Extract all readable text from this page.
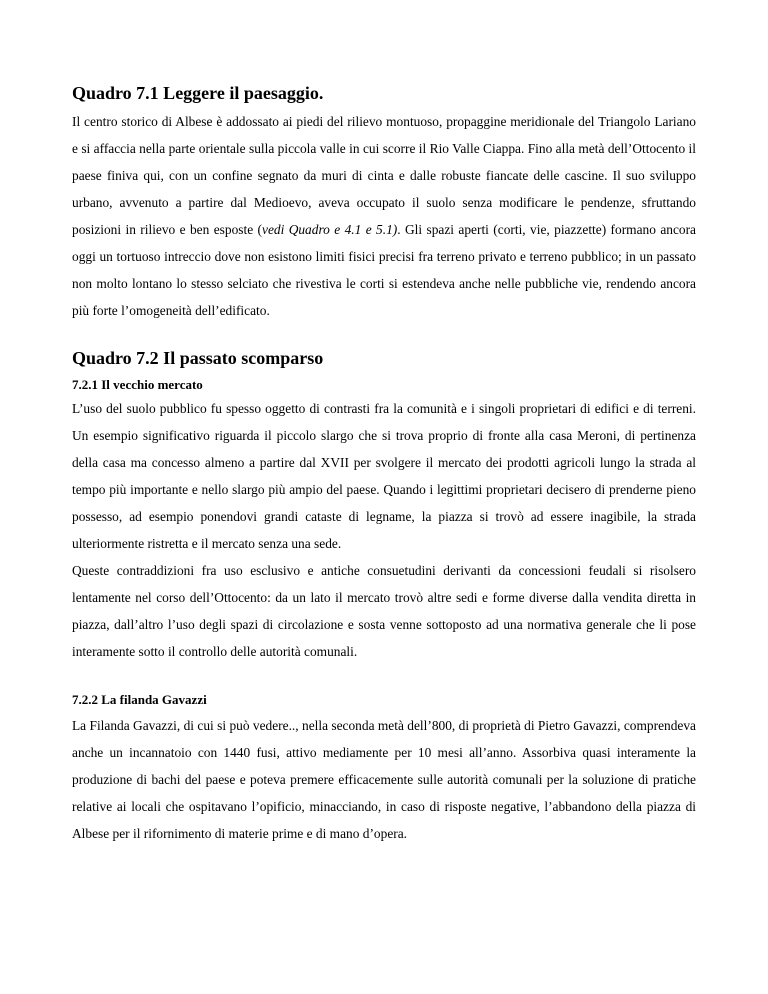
Quadro 7.1 Leggere il paesaggio.

Il centro storico di Albese è addossato ai piedi del rilievo montuoso, propaggine meridionale del Triangolo Lariano e si affaccia nella parte orientale sulla piccola valle in cui scorre il Rio Valle Ciappa. Fino alla metà dell’Ottocento il paese finiva qui, con un confine segnato da muri di cinta e dalle robuste fiancate delle cascine. Il suo sviluppo urbano, avvenuto a partire dal Medioevo, aveva occupato il suolo senza modificare le pendenze, sfruttando posizioni in rilievo e ben esposte (vedi Quadro e 4.1 e 5.1). Gli spazi aperti (corti, vie, piazzette) formano ancora oggi un tortuoso intreccio dove non esistono limiti fisici precisi fra terreno privato e terreno pubblico; in un passato non molto lontano lo stesso selciato che rivestiva le corti si estendeva anche nelle pubbliche vie, rendendo ancora più forte l’omogeneità dell’edificato.

Quadro 7.2 Il passato scomparso
7.2.1 Il vecchio mercato

L’uso del suolo pubblico fu spesso oggetto di contrasti fra la comunità e i singoli proprietari di edifici e di terreni. Un esempio significativo riguarda il piccolo slargo che si trova proprio di fronte alla casa Meroni, di pertinenza della casa ma concesso almeno a partire dal XVII per svolgere il mercato dei prodotti agricoli lungo la strada al tempo più importante e nello slargo più ampio del paese. Quando i legittimi proprietari decisero di prenderne pieno possesso, ad esempio ponendovi grandi cataste di legname, la piazza si trovò ad essere inagibile, la strada ulteriormente ristretta e il mercato senza una sede.

Queste contraddizioni fra uso esclusivo e antiche consuetudini derivanti da concessioni feudali si risolsero lentamente nel corso dell’Ottocento: da un lato il mercato trovò altre sedi e forme diverse dalla vendita diretta in piazza, dall’altro l’uso degli spazi di circolazione e sosta venne sottoposto ad una normativa generale che li pose interamente sotto il controllo delle autorità comunali.

7.2.2 La filanda Gavazzi

La Filanda Gavazzi, di cui si può vedere.., nella seconda metà dell’800, di proprietà di Pietro Gavazzi, comprendeva anche un incannatoio con 1440 fusi, attivo mediamente per 10 mesi all’anno. Assorbiva quasi interamente la produzione di bachi del paese e poteva premere efficacemente sulle autorità comunali per la soluzione di pratiche relative ai locali che ospitavano l’opificio, minacciando, in caso di risposte negative, l’abbandono della piazza di Albese per il rifornimento di materie prime e di mano d’opera.
